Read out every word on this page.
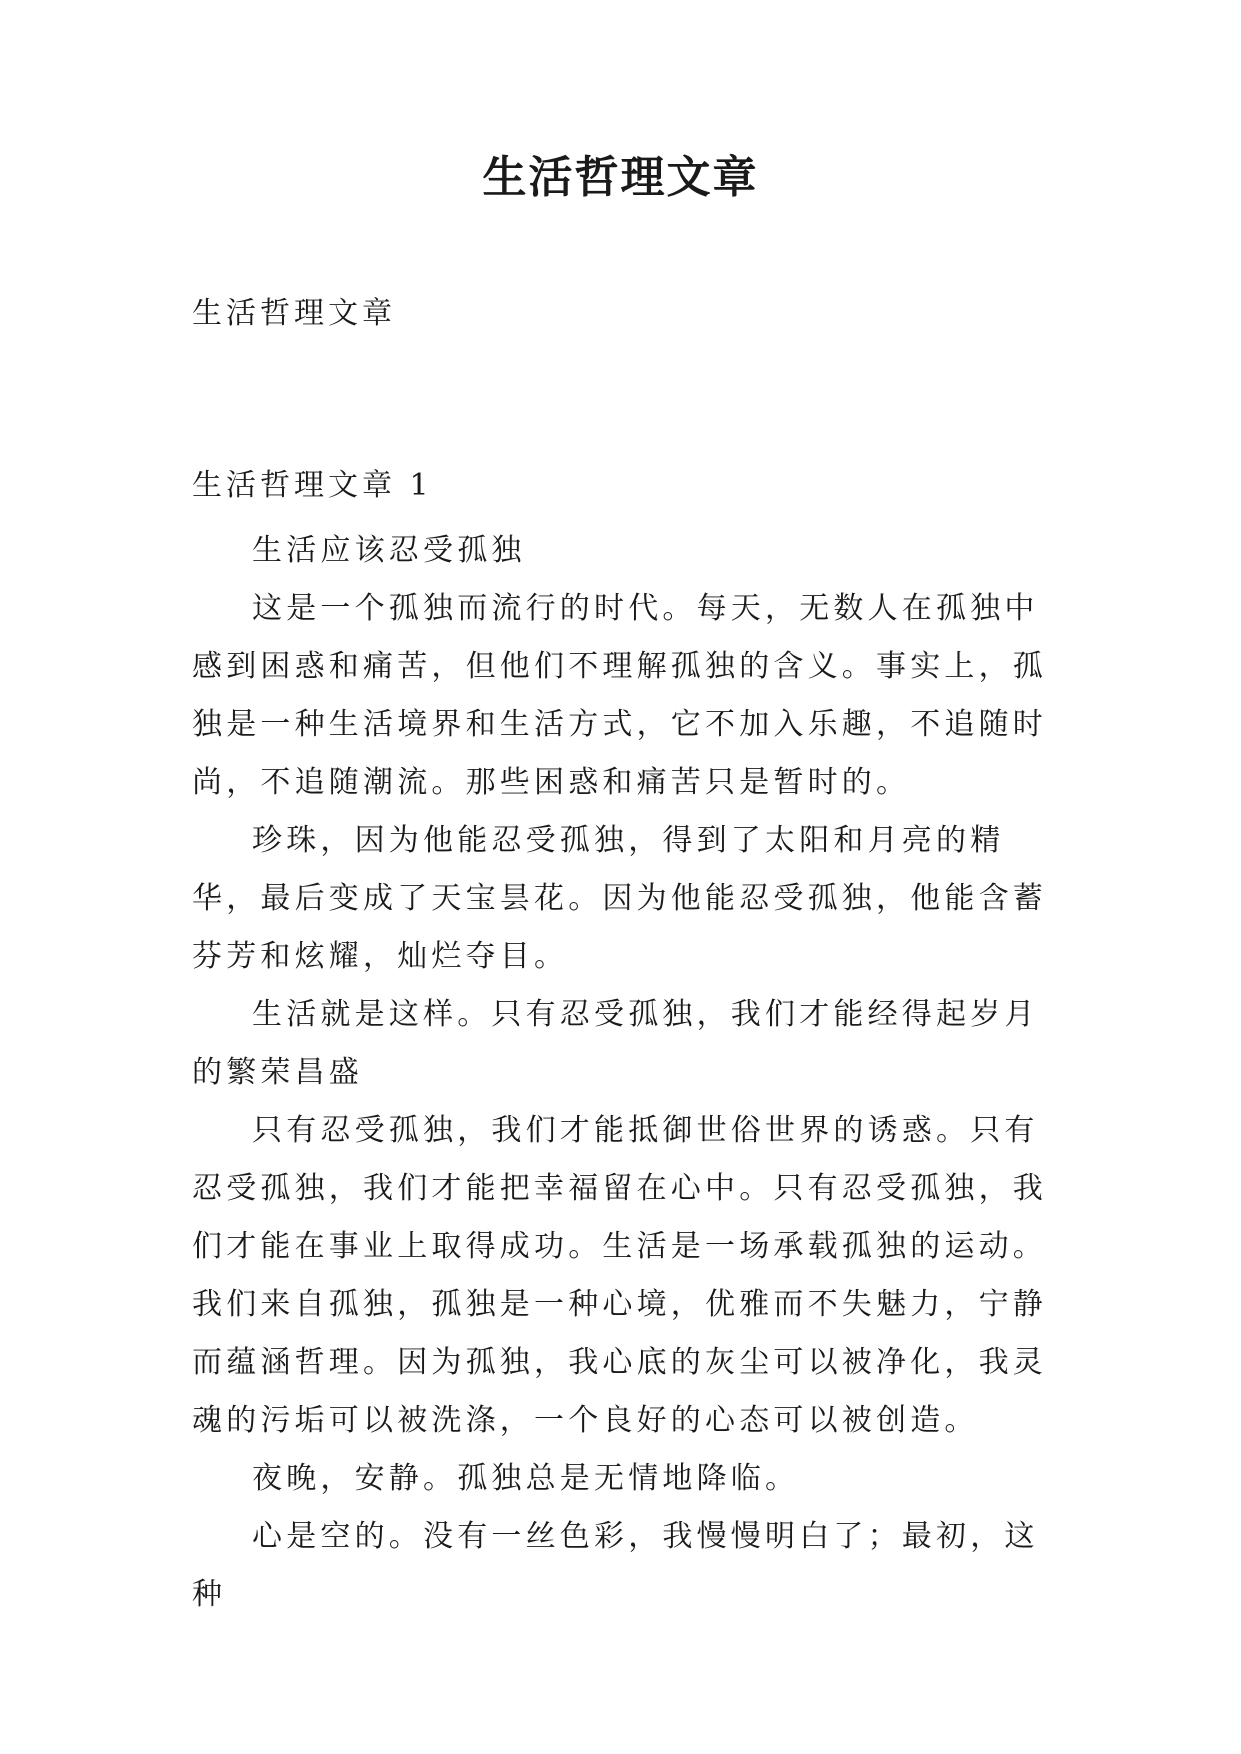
生活哲理文章

生活哲理文章

生活哲理文章 1

生活应该忍受孤独

这是一个孤独而流行的时代。每天，无数人在孤独中感到困惑和痛苦，但他们不理解孤独的含义。事实上，孤独是一种生活境界和生活方式，它不加入乐趣，不追随时尚，不追随潮流。那些困惑和痛苦只是暂时的。

珍珠，因为他能忍受孤独，得到了太阳和月亮的精华，最后变成了天宝昙花。因为他能忍受孤独，他能含蓄芬芳和炫耀，灿烂夺目。

生活就是这样。只有忍受孤独，我们才能经得起岁月的繁荣昌盛

只有忍受孤独，我们才能抵御世俗世界的诱惑。只有忍受孤独，我们才能把幸福留在心中。只有忍受孤独，我们才能在事业上取得成功。生活是一场承载孤独的运动。我们来自孤独，孤独是一种心境，优雅而不失魅力，宁静而蕴涵哲理。因为孤独，我心底的灰尘可以被净化，我灵魂的污垢可以被洗涤，一个良好的心态可以被创造。

夜晚，安静。孤独总是无情地降临。

心是空的。没有一丝色彩，我慢慢明白了；最初，这种
